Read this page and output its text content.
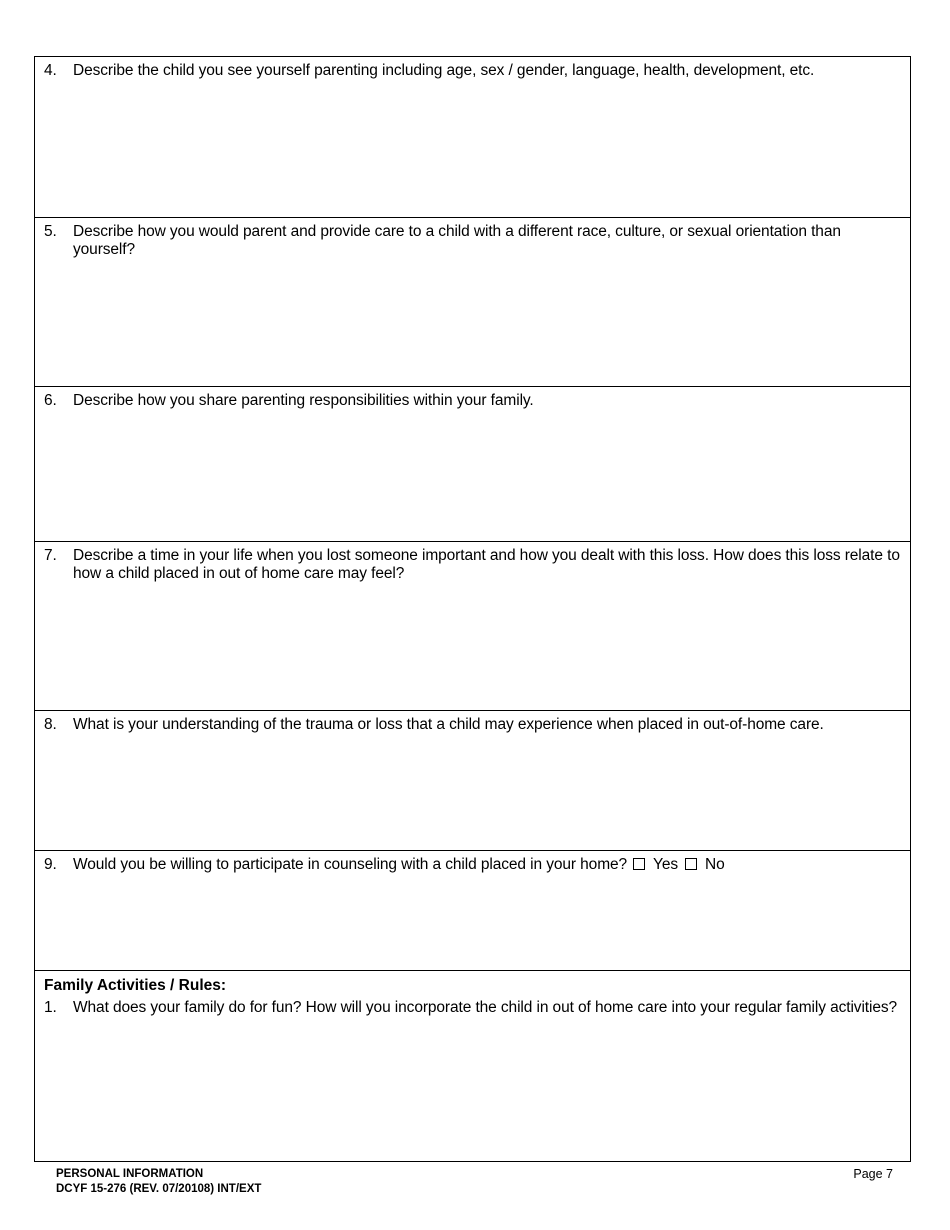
4.	Describe the child you see yourself parenting including age, sex / gender, language, health, development, etc.
5.	Describe how you would parent and provide care to a child with a different race, culture, or sexual orientation than yourself?
6.	Describe how you share parenting responsibilities within your family.
7.	Describe a time in your life when you lost someone important and how you dealt with this loss. How does this loss relate to how a child placed in out of home care may feel?
8.	What is your understanding of the trauma or loss that a child may experience when placed in out-of-home care.
9.	Would you be willing to participate in counseling with a child placed in your home? Yes No
Family Activities / Rules:
1.	What does your family do for fun? How will you incorporate the child in out of home care into your regular family activities?
PERSONAL INFORMATION
DCYF 15-276 (REV. 07/20108) INT/EXT
Page 7
